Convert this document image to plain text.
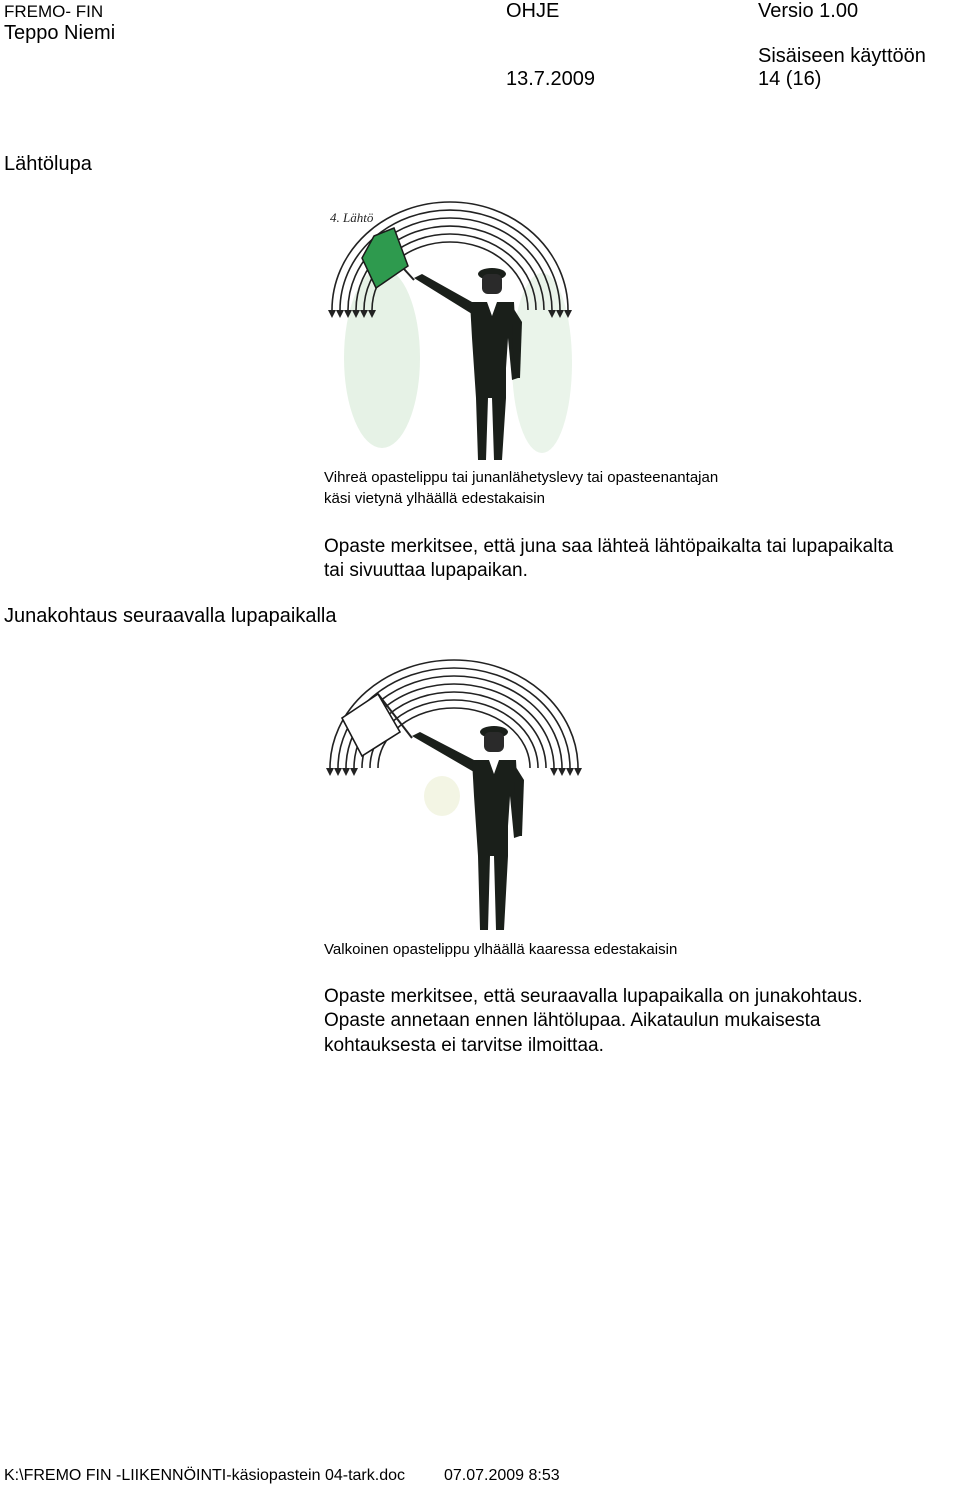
FREMO- FIN
Teppo Niemi
OHJE
13.7.2009
Versio 1.00
Sisäiseen käyttöön
14 (16)
Lähtölupa
4. Lähtö
Vihreä opastelippu tai junanlähetyslevy tai opasteenantajan
käsi vietynä ylhäällä edestakaisin
Opaste merkitsee, että juna saa lähteä lähtöpaikalta tai lupapaikalta
tai sivuuttaa lupapaikan.
Junakohtaus seuraavalla lupapaikalla
Valkoinen opastelippu ylhäällä kaaressa edestakaisin
Opaste merkitsee, että seuraavalla lupapaikalla on junakohtaus.
Opaste annetaan ennen lähtölupaa. Aikataulun mukaisesta
kohtauksesta ei tarvitse ilmoittaa.
K:\FREMO FIN -LIIKENNÖINTI-käsiopastein 04-tark.doc 07.07.2009 8:53
